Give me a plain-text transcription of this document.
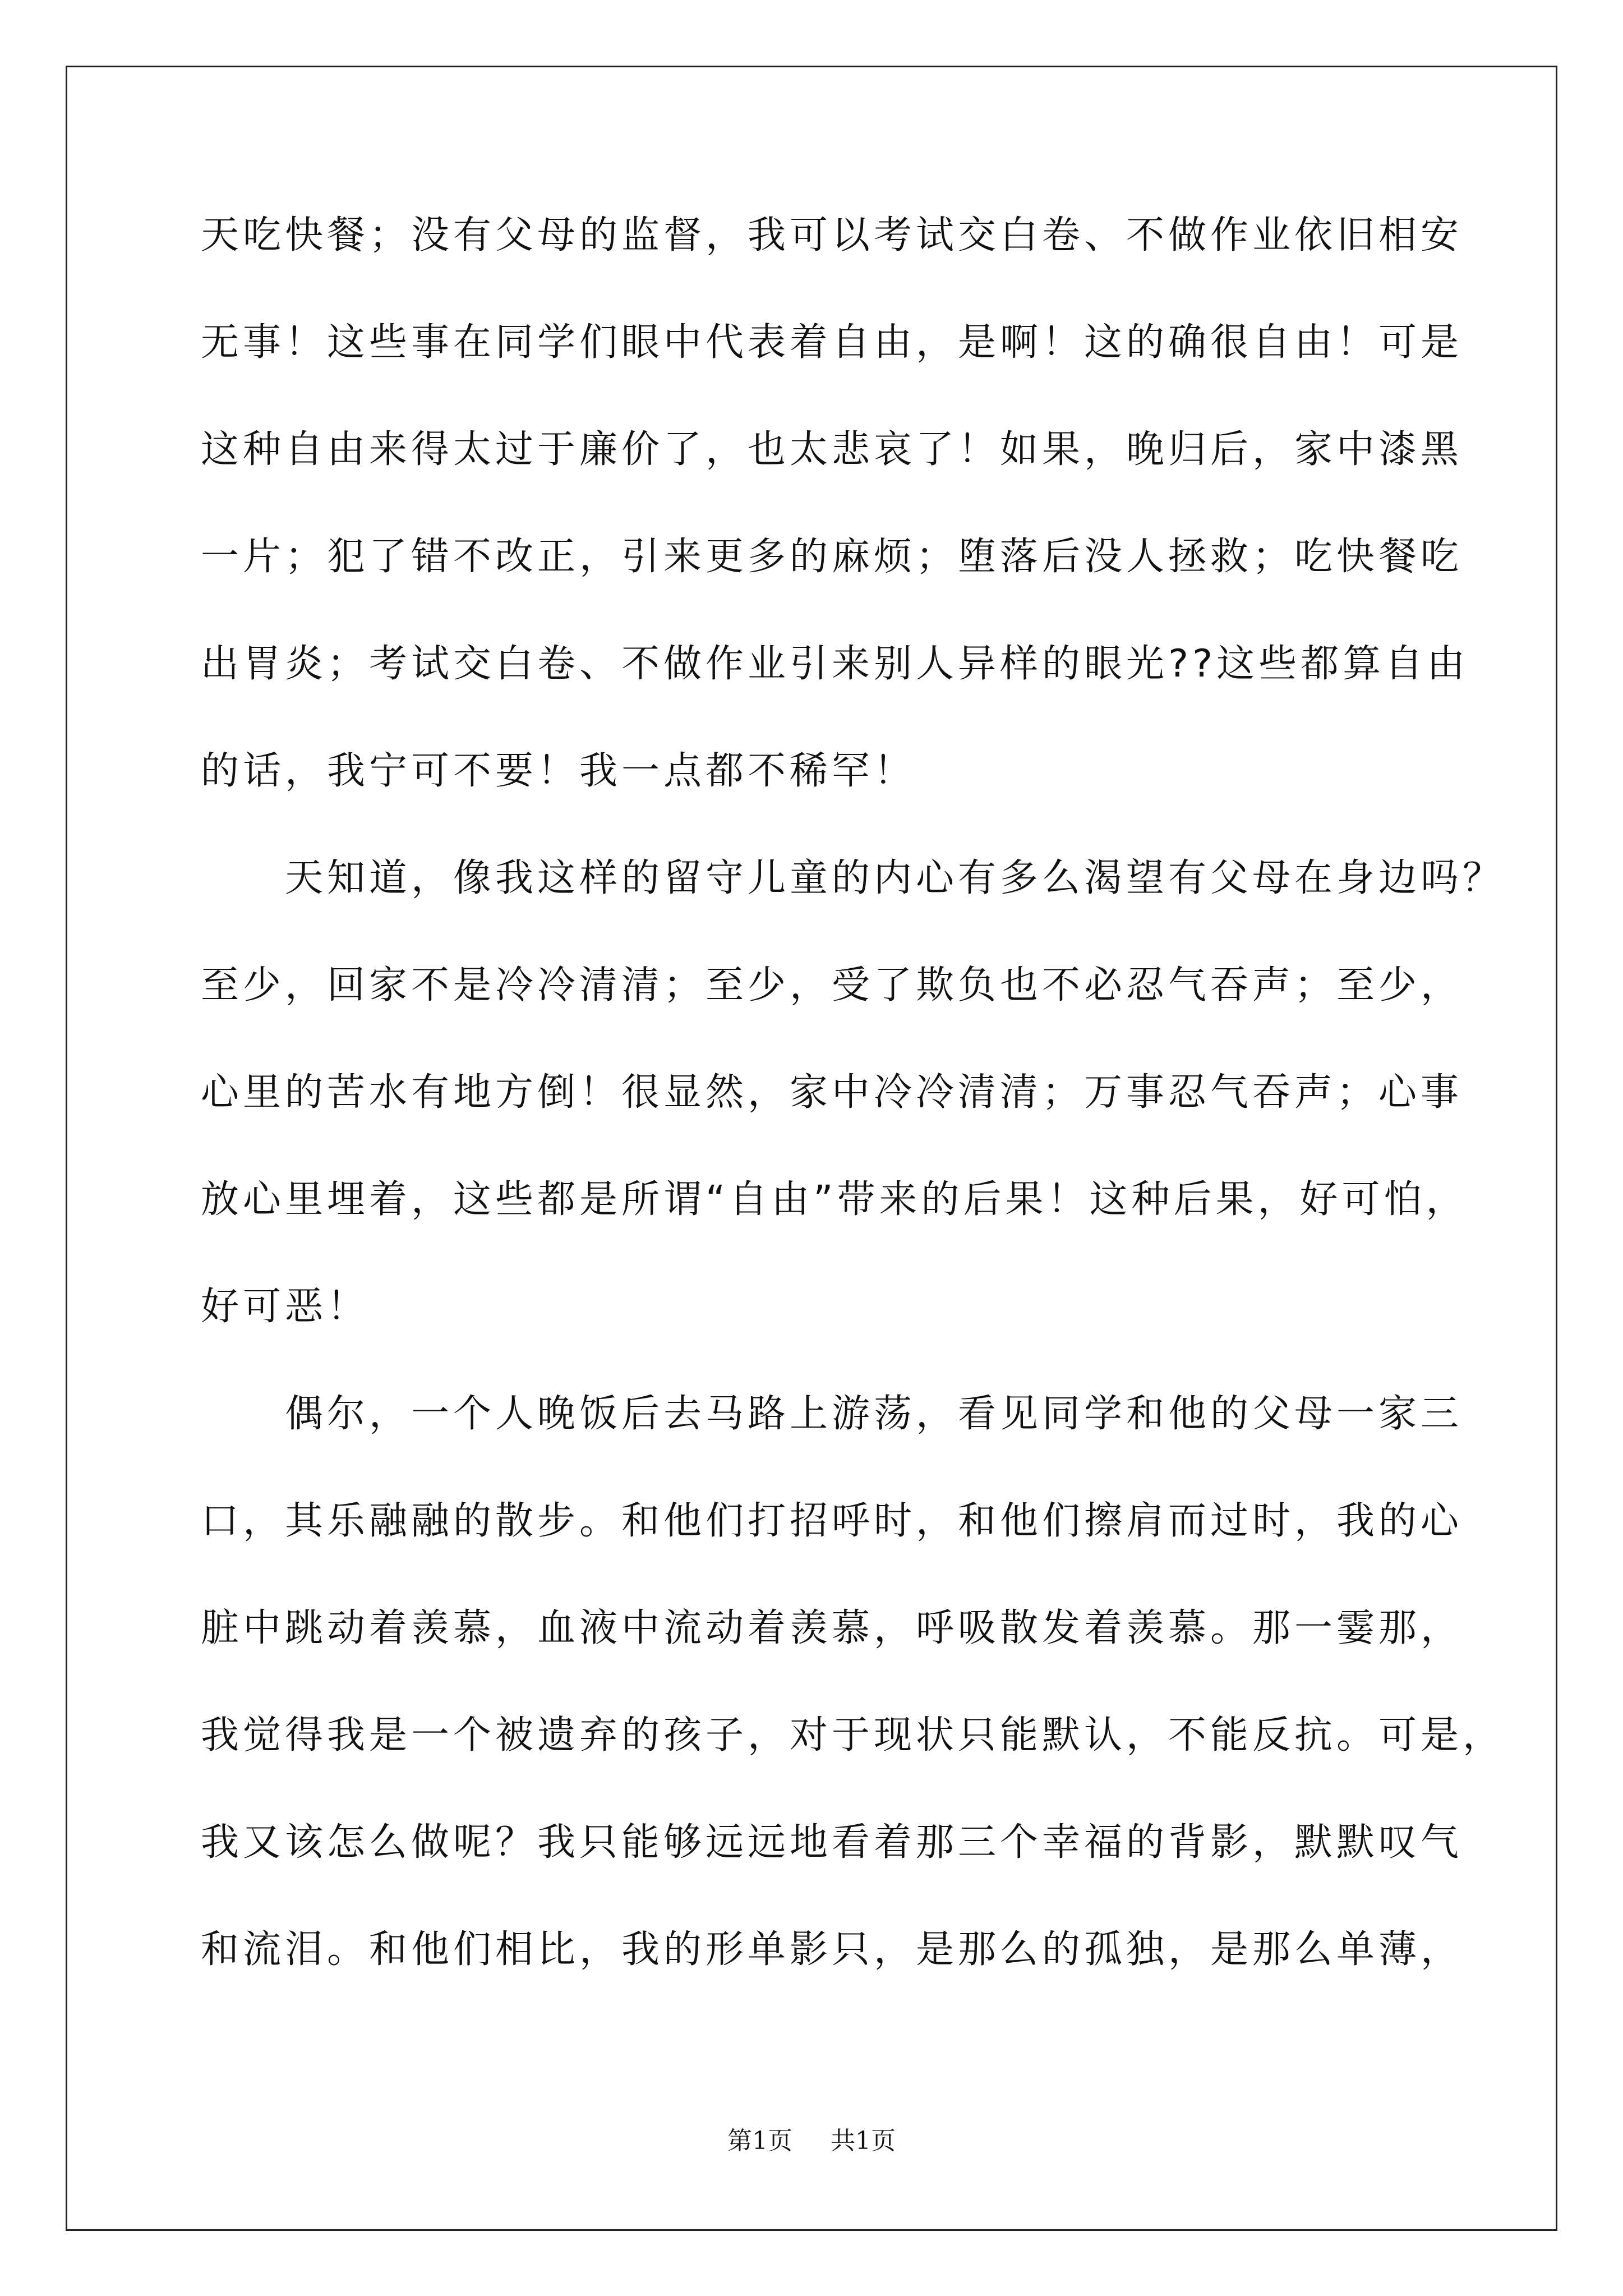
天吃快餐；没有父母的监督，我可以考试交白卷、不做作业依旧相安
无事！这些事在同学们眼中代表着自由，是啊！这的确很自由！可是
这种自由来得太过于廉价了，也太悲哀了！如果，晚归后，家中漆黑
一片；犯了错不改正，引来更多的麻烦；堕落后没人拯救；吃快餐吃
出胃炎；考试交白卷、不做作业引来别人异样的眼光??这些都算自由
的话，我宁可不要！我一点都不稀罕！
　　天知道，像我这样的留守儿童的内心有多么渴望有父母在身边吗？
至少，回家不是冷冷清清；至少，受了欺负也不必忍气吞声；至少，
心里的苦水有地方倒！很显然，家中冷冷清清；万事忍气吞声；心事
放心里埋着，这些都是所谓“自由”带来的后果！这种后果，好可怕，
好可恶！
　　偶尔，一个人晚饭后去马路上游荡，看见同学和他的父母一家三
口，其乐融融的散步。和他们打招呼时，和他们擦肩而过时，我的心
脏中跳动着羡慕，血液中流动着羡慕，呼吸散发着羡慕。那一霎那，
我觉得我是一个被遗弃的孩子，对于现状只能默认，不能反抗。可是，
我又该怎么做呢？我只能够远远地看着那三个幸福的背影，默默叹气
和流泪。和他们相比，我的形单影只，是那么的孤独，是那么单薄，
第1页 共1页
